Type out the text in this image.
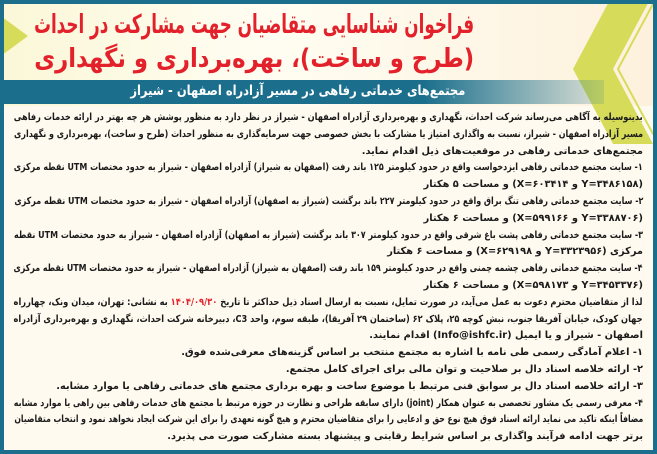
فراخوان شناسایی متقاضیان جهت مشارکت در احداث
(طرح و ساخت)، بهره‌برداری و نگهداری
مجتمع‌های خدماتی رفاهی در مسیر آزادراه اصفهان - شیراز
بدینوسیله به آگاهی می‌رساند شرکت احداث، نگهداری و بهره‌برداری آزادراه اصفهان - شیراز در نظر دارد به منظور پوشش هر چه بهتر در ارائه خدمات رفاهی
مسیر آزادراه اصفهان - شیراز، نسبت به واگذاری امتیاز یا مشارکت با بخش خصوصی جهت سرمایه‌گذاری به منظور احداث (طرح و ساخت)، بهره‌برداری و نگهداری
مجتمع‌های خدماتی رفاهی در موقعیت‌های ذیل اقدام نماید.
۱- سایت مجتمع خدماتی رفاهی ایزدخواست واقع در حدود کیلومتر ۱۲۵ باند رفت (اصفهان به شیراز) آزادراه اصفهان - شیراز به حدود مختصات UTM نقطه مرکزی
(۳۴۸۶۱۵۸=Y و ۶۰۳۴۱۴=X) و مساحت ۵ هکتار
۲- سایت مجتمع خدماتی رفاهی تنگ براق واقع در حدود کیلومتر ۲۲۷ باند برگشت (شیراز به اصفهان) آزادراه اصفهان - شیراز به حدود مختصات UTM نقطه مرکزی
(۳۳۸۸۷۰۶=Y و ۵۹۹۱۶۶=X) و مساحت ۶ هکتار
۳- سایت مجتمع خدماتی رفاهی پشت باغ شرقی واقع در حدود کیلومتر ۳۰۷ باند برگشت (شیراز به اصفهان) آزادراه اصفهان - شیراز به حدود مختصات UTM نقطه
مرکزی (۳۳۲۳۹۵۶=Y و ۶۲۹۱۹۸=X) و مساحت ۶ هکتار
۴- سایت مجتمع خدماتی رفاهی چشمه چمنی واقع در حدود کیلومتر ۱۵۹ باند رفت (اصفهان به شیراز) آزادراه اصفهان - شیراز به حدود مختصات UTM نقطه مرکزی
(۳۴۵۳۳۷۶=Y و ۵۹۸۱۷۳=X) و مساحت ۶ هکتار
لذا از متقاضیان محترم دعوت به عمل می‌آید، در صورت تمایل، نسبت به ارسال اسناد ذیل حداکثر تا تاریخ ۱۴۰۴/۰۹/۳۰ به نشانی: تهران، میدان ونک، چهارراه
جهان کودک، خیابان آفریقا جنوب، نبش کوچه ۲۵، پلاک ۶۲ (ساختمان ۲۹ آفریقا)، طبقه سوم، واحد C3، دبیرخانه شرکت احداث، نگهداری و بهره‌برداری آزادراه
اصفهان - شیراز و یا ایمیل (Info@ishfc.ir) اقدام نمایند.
۱- اعلام آمادگی رسمی طی نامه با اشاره به مجتمع منتخب بر اساس گزینه‌های معرفی‌شده فوق.
۲- ارائه خلاصه اسناد دال بر صلاحیت و توان مالی برای اجرای کامل مجتمع.
۳- ارائه خلاصه اسناد دال بر سوابق فنی مرتبط با موضوع ساخت و بهره برداری مجتمع های خدماتی رفاهی یا موارد مشابه.
۴- معرفی رسمی یک مشاور تخصصی به عنوان همکار (joint) دارای سابقه طراحی و نظارت در حوزه مرتبط با مجتمع های خدمات رفاهی بین راهی یا موارد مشابه
مضافاً اینکه تاکید می نماید ارائه اسناد فوق هیچ نوع حق و ادعایی را برای متقاضیان محترم و هیچ گونه تعهدی را برای این شرکت ایجاد نخواهد نمود و انتخاب متقاضیان
برتر جهت ادامه فرآیند واگذاری بر اساس شرایط رقابتی و پیشنهاد بسته مشارکت صورت می پذیرد.
